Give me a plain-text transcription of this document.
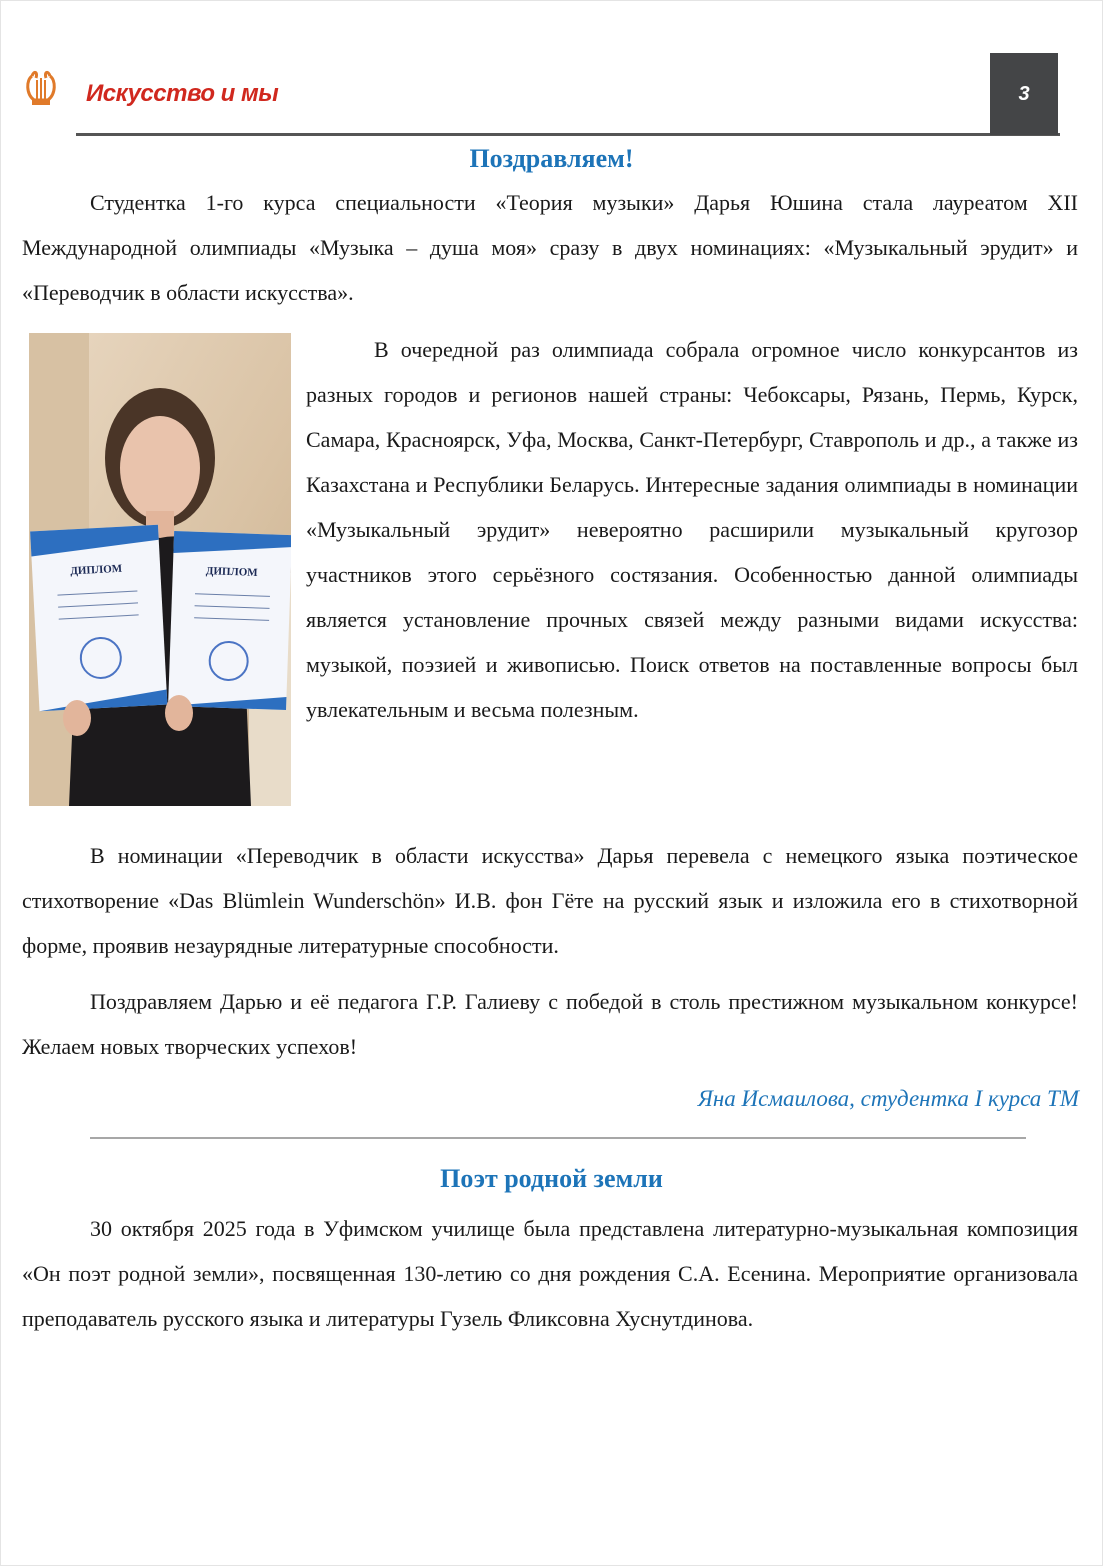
Искусство и мы	3
Поздравляем!

Студентка 1-го курса специальности «Теория музыки» Дарья Юшина стала лауреатом XII Международной олимпиады «Музыка – душа моя» сразу в двух номинациях: «Музыкальный эрудит» и «Переводчик в области искусства».

ДИПЛОМ	ДИПЛОМ

В очередной раз олимпиада собрала огромное число конкурсантов из разных городов и регионов нашей страны: Чебоксары, Рязань, Пермь, Курск, Самара, Красноярск, Уфа, Москва, Санкт-Петербург, Ставрополь и др., а также из Казахстана и Республики Беларусь. Интересные задания олимпиады в номинации «Музыкальный эрудит» невероятно расширили музыкальный кругозор участников этого серьёзного состязания. Особенностью данной олимпиады является установление прочных связей между разными видами искусства: музыкой, поэзией и живописью. Поиск ответов на поставленные вопросы был увлекательным и весьма полезным.

В номинации «Переводчик в области искусства» Дарья перевела с немецкого языка поэтическое стихотворение «Das Blümlein Wunderschön» И.В. фон Гёте на русский язык и изложила его в стихотворной форме, проявив незаурядные литературные способности.

Поздравляем Дарью и её педагога Г.Р. Галиеву с победой в столь престижном музыкальном конкурсе! Желаем новых творческих успехов!

Яна Исмаилова, студентка I курса ТМ
Поэт родной земли

30 октября 2025 года в Уфимском училище была представлена литературно-музыкальная композиция «Он поэт родной земли», посвященная 130-летию со дня рождения С.А. Есенина. Мероприятие организовала преподаватель русского языка и литературы Гузель Фликсовна Хуснутдинова.
